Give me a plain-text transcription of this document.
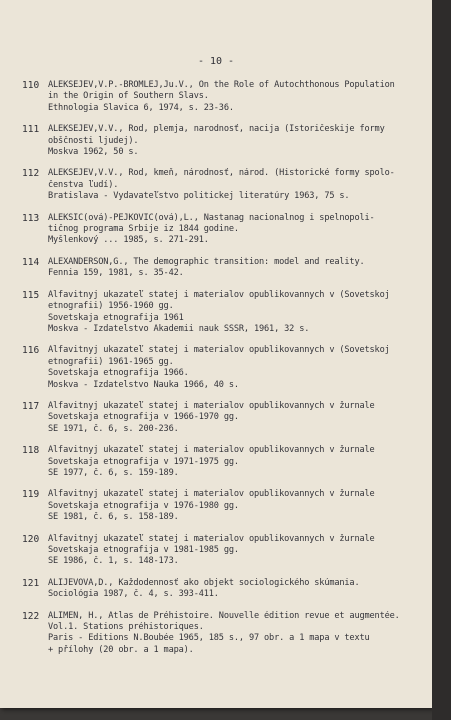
- 10 -
110	ALEKSEJEV,V.P.-BROMLEJ,Ju.V., On the Role of Autochthonous Population
in the Origin of Southern Slavs.
Ethnologia Slavica 6, 1974, s. 23-36.
111	ALEKSEJEV,V.V., Rod, plemja, narodnosť, nacija (Istoričeskije formy
obščnosti ljudej).
Moskva 1962, 50 s.
112	ALEKSEJEV,V.V., Rod, kmeň, národnosť, národ. (Historické formy spolo-
čenstva ľudí).
Bratislava - Vydavateľstvo politickej literatúry 1963, 75 s.
113	ALEKSIĆ(ová)-PEJKOVIĆ(ová),L., Nastanag nacionalnog i spelnopoli-
tičnog programa Srbije iz 1844 godine.
Myšlenkový ... 1985, s. 271-291.
114	ALEXANDERSON,G., The demographic transition: model and reality.
Fennia 159, 1981, s. 35-42.
115	Alfavitnyj ukazateľ statej i materialov opublikovannych v (Sovetskoj
etnografii) 1956-1960 gg.
Sovetskaja etnografija 1961
Moskva - Izdatelstvo Akademii nauk SSSR, 1961, 32 s.
116	Alfavitnyj ukazateľ statej i materialov opublikovannych v (Sovetskoj
etnografii) 1961-1965 gg.
Sovetskaja etnografija 1966.
Moskva - Izdatelstvo Nauka 1966, 40 s.
117	Alfavitnyj ukazateľ statej i materialov opublikovannych v žurnale
Sovetskaja etnografija v 1966-1970 gg.
SE 1971, č. 6, s. 200-236.
118	Alfavitnyj ukazateľ statej i materialov opublikovannych v žurnale
Sovetskaja etnografija v 1971-1975 gg.
SE 1977, č. 6, s. 159-189.
119	Alfavitnyj ukazateľ statej i materialov opublikovannych v žurnale
Sovetskaja etnografija v 1976-1980 gg.
SE 1981, č. 6, s. 158-189.
120	Alfavitnyj ukazateľ statej i materialov opublikovannych v žurnale
Sovetskaja etnografija v 1981-1985 gg.
SE 1986, č. 1, s. 148-173.
121	ALIJEVOVÁ,D., Každodennosť ako objekt sociologického skúmania.
Sociológia 1987, č. 4, s. 393-411.
122	ALIMEN, H., Atlas de Préhistoire. Nouvelle édition revue et augmentée.
Vol.1. Stations préhistoriques.
Paris - Éditions N.Boubée 1965, 185 s., 97 obr. a 1 mapa v textu
+ přílohy (20 obr. a 1 mapa).
